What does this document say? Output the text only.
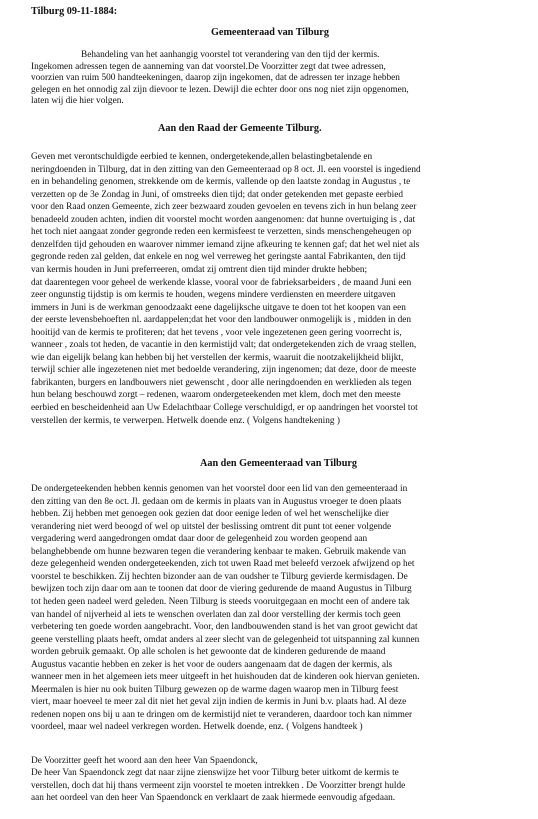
Tilburg 09-11-1884:
Gemeenteraad van Tilburg
Behandeling van het aanhangig voorstel tot verandering van den tijd der kermis.
Ingekomen adressen tegen de aanneming van dat voorstel.De Voorzitter zegt dat twee adressen,
voorzien van ruim 500 handteekeningen, daarop zijn ingekomen, dat de adressen ter inzage hebben
gelegen en het onnodig zal zijn dievoor te lezen. Dewijl die echter door ons nog niet zijn opgenomen,
laten wij die hier volgen.
Aan den Raad der Gemeente Tilburg.
Geven met verontschuldigde eerbied te kennen, ondergetekende,allen belastingbetalende en
neringdoenden in Tilburg, dat in den zitting van den Gemeenteraad op 8 oct. Jl. een voorstel is ingediend
en in behandeling genomen, strekkende om de kermis, vallende op den laatste zondag in Augustus , te
verzetten op de 3e Zondag in Juni, of omstreeks dien tijd; dat onder getekenden met gepaste eerbied
voor den Raad onzen Gemeente, zich zeer bezwaard zouden gevoelen en tevens zich in hun belang zeer
benadeeld zouden achten, indien dit voorstel mocht worden aangenomen: dat hunne overtuiging is , dat
het toch niet aangaat zonder gegronde reden een kermisfeest te verzetten, sinds menschengeheugen op
denzelfden tijd gehouden en waarover nimmer iemand zijne afkeuring te kennen gaf; dat het wel niet als
gegronde reden zal gelden, dat enkele en nog wel verreweg het geringste aantal Fabrikanten, den tijd
van kermis houden in Juni preferreeren, omdat zij omtrent dien tijd minder drukte hebben;
dat daarentegen voor geheel de werkende klasse, vooral voor de fabrieksarbeiders , de maand Juni een
zeer ongunstig tijdstip is om kermis te houden, wegens mindere verdiensten en meerdere uitgaven
immers in Juni is de werkman genoodzaakt eene dagelijksche uitgave te doen tot het koopen van een
der eerste levensbehoeften nl. aardappelen;dat het voor den landbouwer onmogelijk is , midden in den
hooitijd van de kermis te profiteren; dat het tevens , voor vele ingezetenen geen gering voorrecht is,
wanneer , zoals tot heden, de vacantie in den kermistijd valt; dat ondergetekenden zich de vraag stellen,
wie dan eigelijk belang kan hebben bij het verstellen der kermis, waaruit die nootzakelijkheid blijkt,
terwijl schier alle ingezetenen niet met bedoelde verandering, zijn ingenomen; dat deze, door de meeste
fabrikanten, burgers en landbouwers niet gewenscht , door alle neringdoenden en werklieden als tegen
hun belang beschouwd zorgt – redenen, waarom ondergeteekenden met klem, doch met den meeste
eerbied en bescheidenheid aan Uw Edelachtbaar College verschuldigd, er op aandringen het voorstel tot
verstellen der kermis, te verwerpen. Hetwelk doende enz. ( Volgens handtekening )
Aan den Gemeenteraad van Tilburg
De ondergeteekenden hebben kennis genomen van het voorstel door een lid van den gemeenteraad in
den zitting van den 8e oct. Jl. gedaan om de kermis in plaats van in Augustus vroeger te doen plaats
hebben. Zij hebben met genoegen ook gezien dat door eenige leden of wel het wenschelijke dier
verandering niet werd beoogd of wel op uitstel der beslissing omtrent dit punt tot eener volgende
vergadering werd aangedrongen omdat daar door de gelegenheid zou worden geopend aan
belanghebbende om hunne bezwaren tegen die verandering kenbaar te maken. Gebruik makende van
deze gelegenheid wenden ondergeteekenden, zich tot uwen Raad met beleefd verzoek afwijzend op het
voorstel te beschikken. Zij hechten bizonder aan de van oudsher te Tilburg gevierde kermisdagen. De
bewijzen toch zijn daar om aan te toonen dat door de viering gedurende de maand Augustus in Tilburg
tot heden geen nadeel werd geleden. Neen Tilburg is steeds vooruitgegaan en mocht een of andere tak
van handel of nijverheid al iets te wenschen overlaten dan zal door verstelling der kermis toch geen
verbetering ten goede worden aangebracht. Voor, den landbouwenden stand is het van groot gewicht dat
geene verstelling plaats heeft, omdat anders al zeer slecht van de gelegenheid tot uitspanning zal kunnen
worden gebruik gemaakt. Op alle scholen is het gewoonte dat de kinderen gedurende de maand
Augustus vacantie hebben en zeker is het voor de ouders aangenaam dat de dagen der kermis, als
wanneer men in het algemeen iets meer uitgeeft in het huishouden dat de kinderen ook hiervan genieten.
Meermalen is hier nu ook buiten Tilburg gewezen op de warme dagen waarop men in Tilburg feest
viert, maar hoeveel te meer zal dit niet het geval zijn indien de kermis in Juni b.v. plaats had. Al deze
redenen nopen ons bij u aan te dringen om de kermistijd niet te veranderen, daardoor toch kan nimmer
voordeel, maar wel nadeel verkregen worden. Hetwelk doende, enz. ( Volgens handteek )
De Voorzitter geeft het woord aan den heer Van Spaendonck,
De heer Van Spaendonck zegt dat naar zijne zienswijze het voor Tilburg beter uitkomt de kermis te
verstellen, doch dat hij thans vermeent zijn voorstel te moeten intrekken . De Voorzitter brengt hulde
aan het oordeel van den heer Van Spaendonck en verklaart de zaak hiermede eenvoudig afgedaan.
